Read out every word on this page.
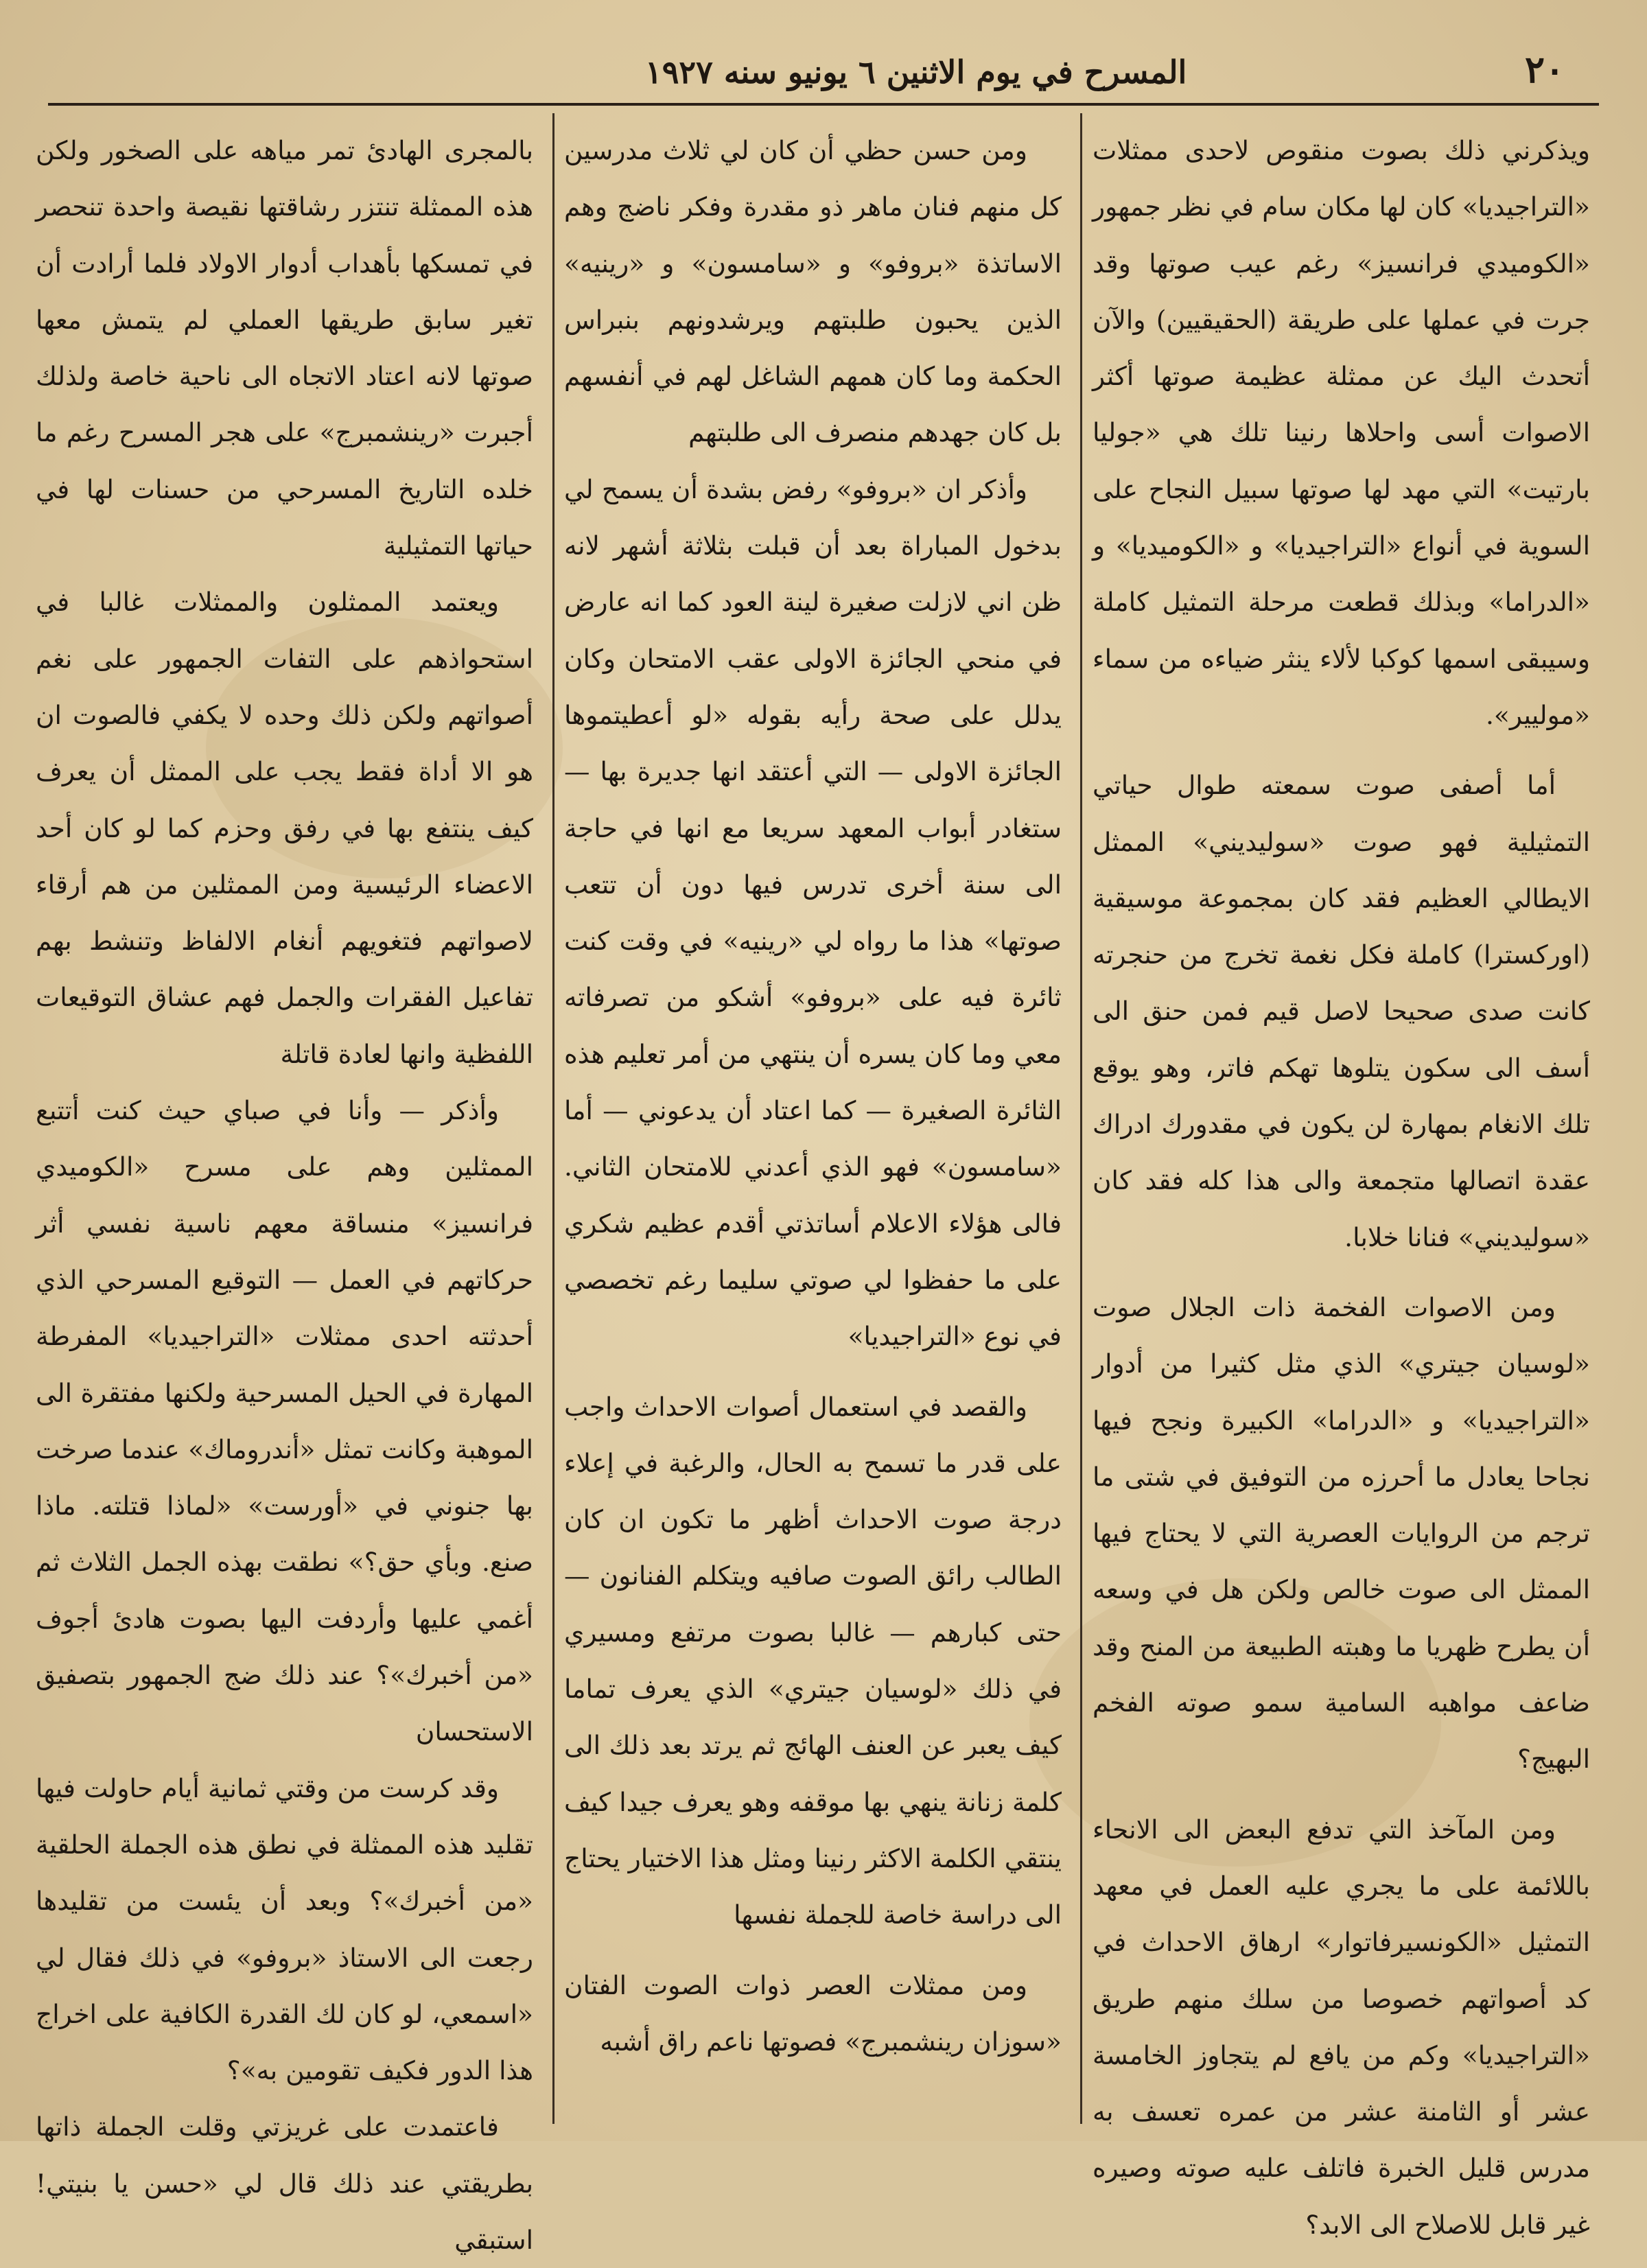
٢٠
المسرح في يوم الاثنين ٦ يونيو سنه ١٩٢٧

ويذكرني ذلك بصوت منقوص لاحدى ممثلات «التراجيديا» كان لها مكان سام في نظر جمهور «الكوميدي فرانسيز» رغم عيب صوتها وقد جرت في عملها على طريقة (الحقيقيين) والآن أتحدث اليك عن ممثلة عظيمة صوتها أكثر الاصوات أسى واحلاها رنينا تلك هي «جوليا بارتيت» التي مهد لها صوتها سبيل النجاح على السوية في أنواع «التراجيديا» و «الكوميديا» و «الدراما» وبذلك قطعت مرحلة التمثيل كاملة وسيبقى اسمها كوكبا لألاء ينثر ضياءه من سماء «موليير».

أما أصفى صوت سمعته طوال حياتي التمثيلية فهو صوت «سوليديني» الممثل الايطالي العظيم فقد كان بمجموعة موسيقية (اوركسترا) كاملة فكل نغمة تخرج من حنجرته كانت صدى صحيحا لاصل قيم فمن حنق الى أسف الى سكون يتلوها تهكم فاتر، وهو يوقع تلك الانغام بمهارة لن يكون في مقدورك ادراك عقدة اتصالها متجمعة والى هذا كله فقد كان «سوليديني» فنانا خلابا.

ومن الاصوات الفخمة ذات الجلال صوت «لوسيان جيتري» الذي مثل كثيرا من أدوار «التراجيديا» و «الدراما» الكبيرة ونجح فيها نجاحا يعادل ما أحرزه من التوفيق في شتى ما ترجم من الروايات العصرية التي لا يحتاج فيها الممثل الى صوت خالص ولكن هل في وسعه أن يطرح ظهريا ما وهبته الطبيعة من المنح وقد ضاعف مواهبه السامية سمو صوته الفخم البهيج؟

ومن المآخذ التي تدفع البعض الى الانحاء باللائمة على ما يجري عليه العمل في معهد التمثيل «الكونسيرفاتوار» ارهاق الاحداث في كد أصواتهم خصوصا من سلك منهم طريق «التراجيديا» وكم من يافع لم يتجاوز الخامسة عشر أو الثامنة عشر من عمره تعسف به مدرس قليل الخبرة فاتلف عليه صوته وصيره غير قابل للاصلاح الى الابد؟

ومن حسن حظي أن كان لي ثلاث مدرسين كل منهم فنان ماهر ذو مقدرة وفكر ناضج وهم الاساتذة «بروفو» و «سامسون» و «رينيه» الذين يحبون طلبتهم ويرشدونهم بنبراس الحكمة وما كان همهم الشاغل لهم في أنفسهم بل كان جهدهم منصرف الى طلبتهم

وأذكر ان «بروفو» رفض بشدة أن يسمح لي بدخول المباراة بعد أن قبلت بثلاثة أشهر لانه ظن اني لازلت صغيرة لينة العود كما انه عارض في منحي الجائزة الاولى عقب الامتحان وكان يدلل على صحة رأيه بقوله «لو أعطيتموها الجائزة الاولى — التي أعتقد انها جديرة بها — ستغادر أبواب المعهد سريعا مع انها في حاجة الى سنة أخرى تدرس فيها دون أن تتعب صوتها» هذا ما رواه لي «رينيه» في وقت كنت ثائرة فيه على «بروفو» أشكو من تصرفاته معي وما كان يسره أن ينتهي من أمر تعليم هذه الثائرة الصغيرة — كما اعتاد أن يدعوني — أما «سامسون» فهو الذي أعدني للامتحان الثاني. فالى هؤلاء الاعلام أساتذتي أقدم عظيم شكري على ما حفظوا لي صوتي سليما رغم تخصصي في نوع «التراجيديا»

والقصد في استعمال أصوات الاحداث واجب على قدر ما تسمح به الحال، والرغبة في إعلاء درجة صوت الاحداث أظهر ما تكون ان كان الطالب رائق الصوت صافيه ويتكلم الفنانون — حتى كبارهم — غالبا بصوت مرتفع ومسيري في ذلك «لوسيان جيتري» الذي يعرف تماما كيف يعبر عن العنف الهائج ثم يرتد بعد ذلك الى كلمة زنانة ينهي بها موقفه وهو يعرف جيدا كيف ينتقي الكلمة الاكثر رنينا ومثل هذا الاختيار يحتاج الى دراسة خاصة للجملة نفسها

ومن ممثلات العصر ذوات الصوت الفتان «سوزان رينشمبرج» فصوتها ناعم راق أشبه

بالمجرى الهادئ تمر مياهه على الصخور ولكن هذه الممثلة تنتزر رشاقتها نقيصة واحدة تنحصر في تمسكها بأهداب أدوار الاولاد فلما أرادت أن تغير سابق طريقها العملي لم يتمش معها صوتها لانه اعتاد الاتجاه الى ناحية خاصة ولذلك أجبرت «رينشمبرج» على هجر المسرح رغم ما خلده التاريخ المسرحي من حسنات لها في حياتها التمثيلية

ويعتمد الممثلون والممثلات غالبا في استحواذهم على التفات الجمهور على نغم أصواتهم ولكن ذلك وحده لا يكفي فالصوت ان هو الا أداة فقط يجب على الممثل أن يعرف كيف ينتفع بها في رفق وحزم كما لو كان أحد الاعضاء الرئيسية ومن الممثلين من هم أرقاء لاصواتهم فتغويهم أنغام الالفاظ وتنشط بهم تفاعيل الفقرات والجمل فهم عشاق التوقيعات اللفظية وانها لعادة قاتلة

وأذكر — وأنا في صباي حيث كنت أتتبع الممثلين وهم على مسرح «الكوميدي فرانسيز» منساقة معهم ناسية نفسي أثر حركاتهم في العمل — التوقيع المسرحي الذي أحدثته احدى ممثلات «التراجيديا» المفرطة المهارة في الحيل المسرحية ولكنها مفتقرة الى الموهبة وكانت تمثل «أندروماك» عندما صرخت بها جنوني في «أورست» «لماذا قتلته. ماذا صنع. وبأي حق؟» نطقت بهذه الجمل الثلاث ثم أغمي عليها وأردفت اليها بصوت هادئ أجوف «من أخبرك»؟ عند ذلك ضج الجمهور بتصفيق الاستحسان

وقد كرست من وقتي ثمانية أيام حاولت فيها تقليد هذه الممثلة في نطق هذه الجملة الحلقية «من أخبرك»؟ وبعد أن يئست من تقليدها رجعت الى الاستاذ «بروفو» في ذلك فقال لي «اسمعي، لو كان لك القدرة الكافية على اخراج هذا الدور فكيف تقومين به»؟

فاعتمدت على غريزتي وقلت الجملة ذاتها بطريقتي عند ذلك قال لي «حسن يا بنيتي! استبقي
